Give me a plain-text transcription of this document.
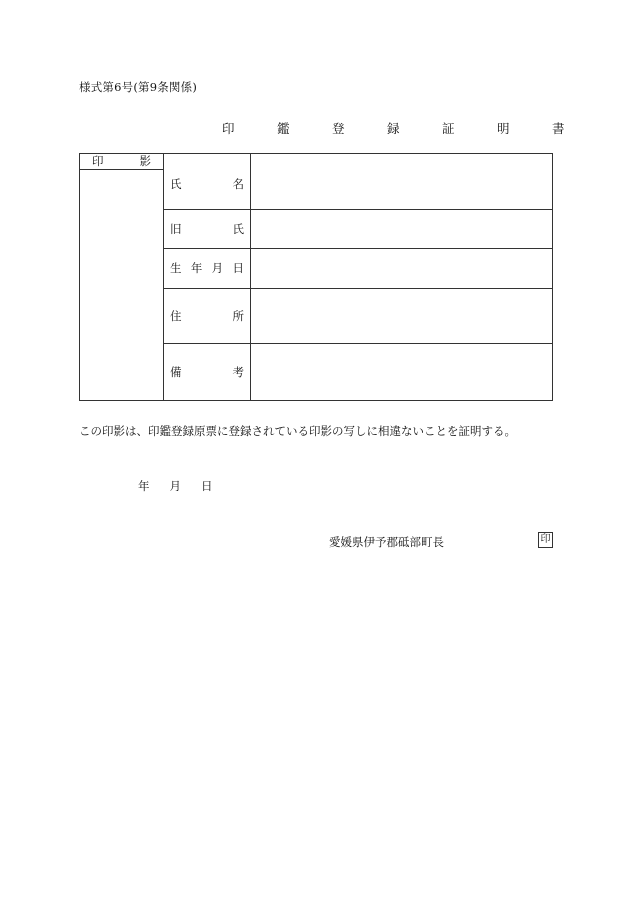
様式第6号(第9条関係)
印　鑑　登　録　証　明　書
印 影	氏 名	

	旧 氏	

	生 年 月 日	

	住 所	

	備 考	

この印影は、印鑑登録原票に登録されている印影の写しに相違ないことを証明する。
年 月 日
愛媛県伊予郡砥部町長	印
